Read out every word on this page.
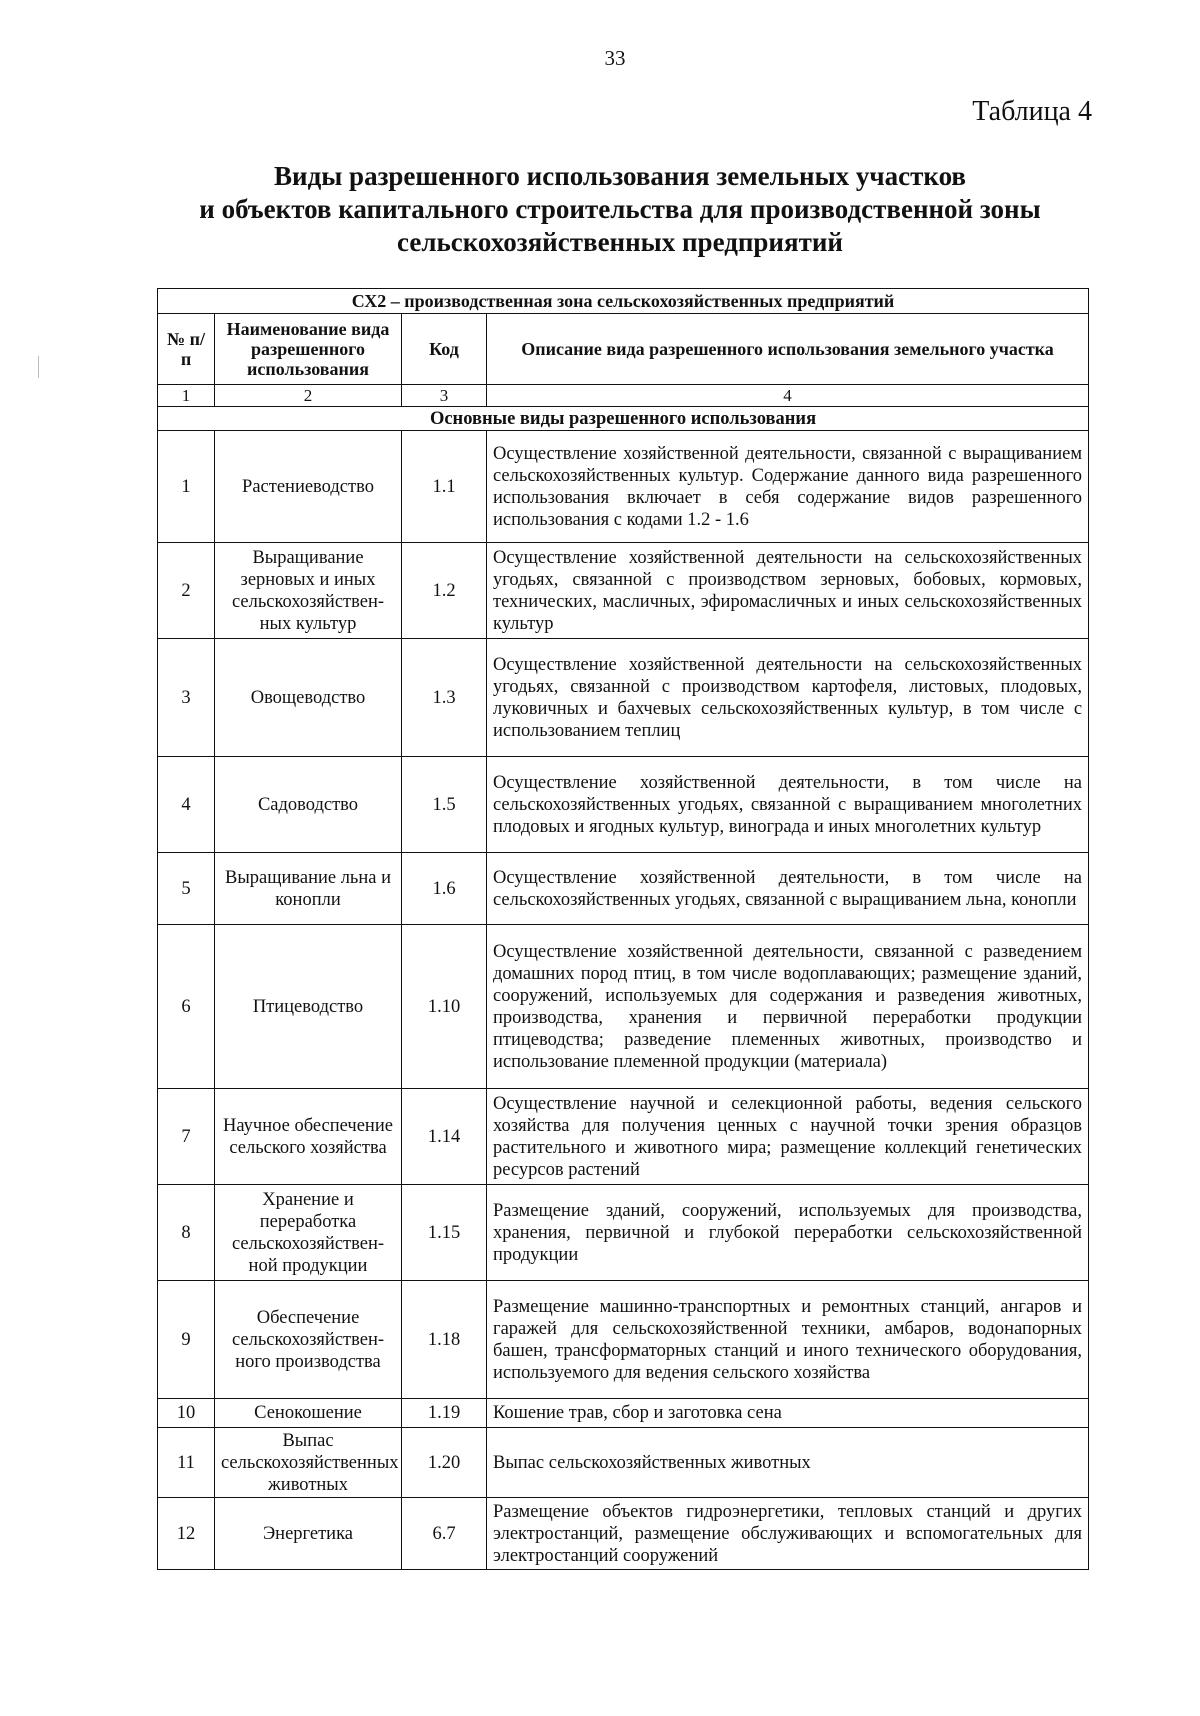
33
Таблица 4
Виды разрешенного использования земельных участков
и объектов капитального строительства для производственной зоны
сельскохозяйственных предприятий
СХ2 – производственная зона сельскохозяйственных предприятий			
№ п/п	Наименование вида разрешенного использования	Код	Описание вида разрешенного использования земельного участка
1	2	3	4
Основные виды разрешенного использования			
1	Растениеводство	1.1	Осуществление хозяйственной деятельности, связанной с выращиванием сельскохозяйственных культур. Содержание данного вида разрешенного использования включает в себя содержание видов разрешенного использования с кодами 1.2 - 1.6
2	Выращивание зерновых и иных сельскохозяйствен-ных культур	1.2	Осуществление хозяйственной деятельности на сельскохозяйственных угодьях, связанной с производством зерновых, бобовых, кормовых, технических, масличных, эфиромасличных и иных сельскохозяйственных культур
3	Овощеводство	1.3	Осуществление хозяйственной деятельности на сельскохозяйственных угодьях, связанной с производством картофеля, листовых, плодовых, луковичных и бахчевых сельскохозяйственных культур, в том числе с использованием теплиц
4	Садоводство	1.5	Осуществление хозяйственной деятельности, в том числе на сельскохозяйственных угодьях, связанной с выращиванием многолетних плодовых и ягодных культур, винограда и иных многолетних культур
5	Выращивание льна и конопли	1.6	Осуществление хозяйственной деятельности, в том числе на сельскохозяйственных угодьях, связанной с выращиванием льна, конопли
6	Птицеводство	1.10	Осуществление хозяйственной деятельности, связанной с разведением домашних пород птиц, в том числе водоплавающих; размещение зданий, сооружений, используемых для содержания и разведения животных, производства, хранения и первичной переработки продукции птицеводства; разведение племенных животных, производство и использование племенной продукции (материала)
7	Научное обеспечение сельского хозяйства	1.14	Осуществление научной и селекционной работы, ведения сельского хозяйства для получения ценных с научной точки зрения образцов растительного и животного мира; размещение коллекций генетических ресурсов растений
8	Хранение и переработка сельскохозяйствен-ной продукции	1.15	Размещение зданий, сооружений, используемых для производства, хранения, первичной и глубокой переработки сельскохозяйственной продукции
9	Обеспечение сельскохозяйствен-ного производства	1.18	Размещение машинно-транспортных и ремонтных станций, ангаров и гаражей для сельскохозяйственной техники, амбаров, водонапорных башен, трансформаторных станций и иного технического оборудования, используемого для ведения сельского хозяйства
10	Сенокошение	1.19	Кошение трав, сбор и заготовка сена
11	Выпас сельскохозяйственных животных	1.20	Выпас сельскохозяйственных животных
12	Энергетика	6.7	Размещение объектов гидроэнергетики, тепловых станций и других электростанций, размещение обслуживающих и вспомогательных для электростанций сооружений
